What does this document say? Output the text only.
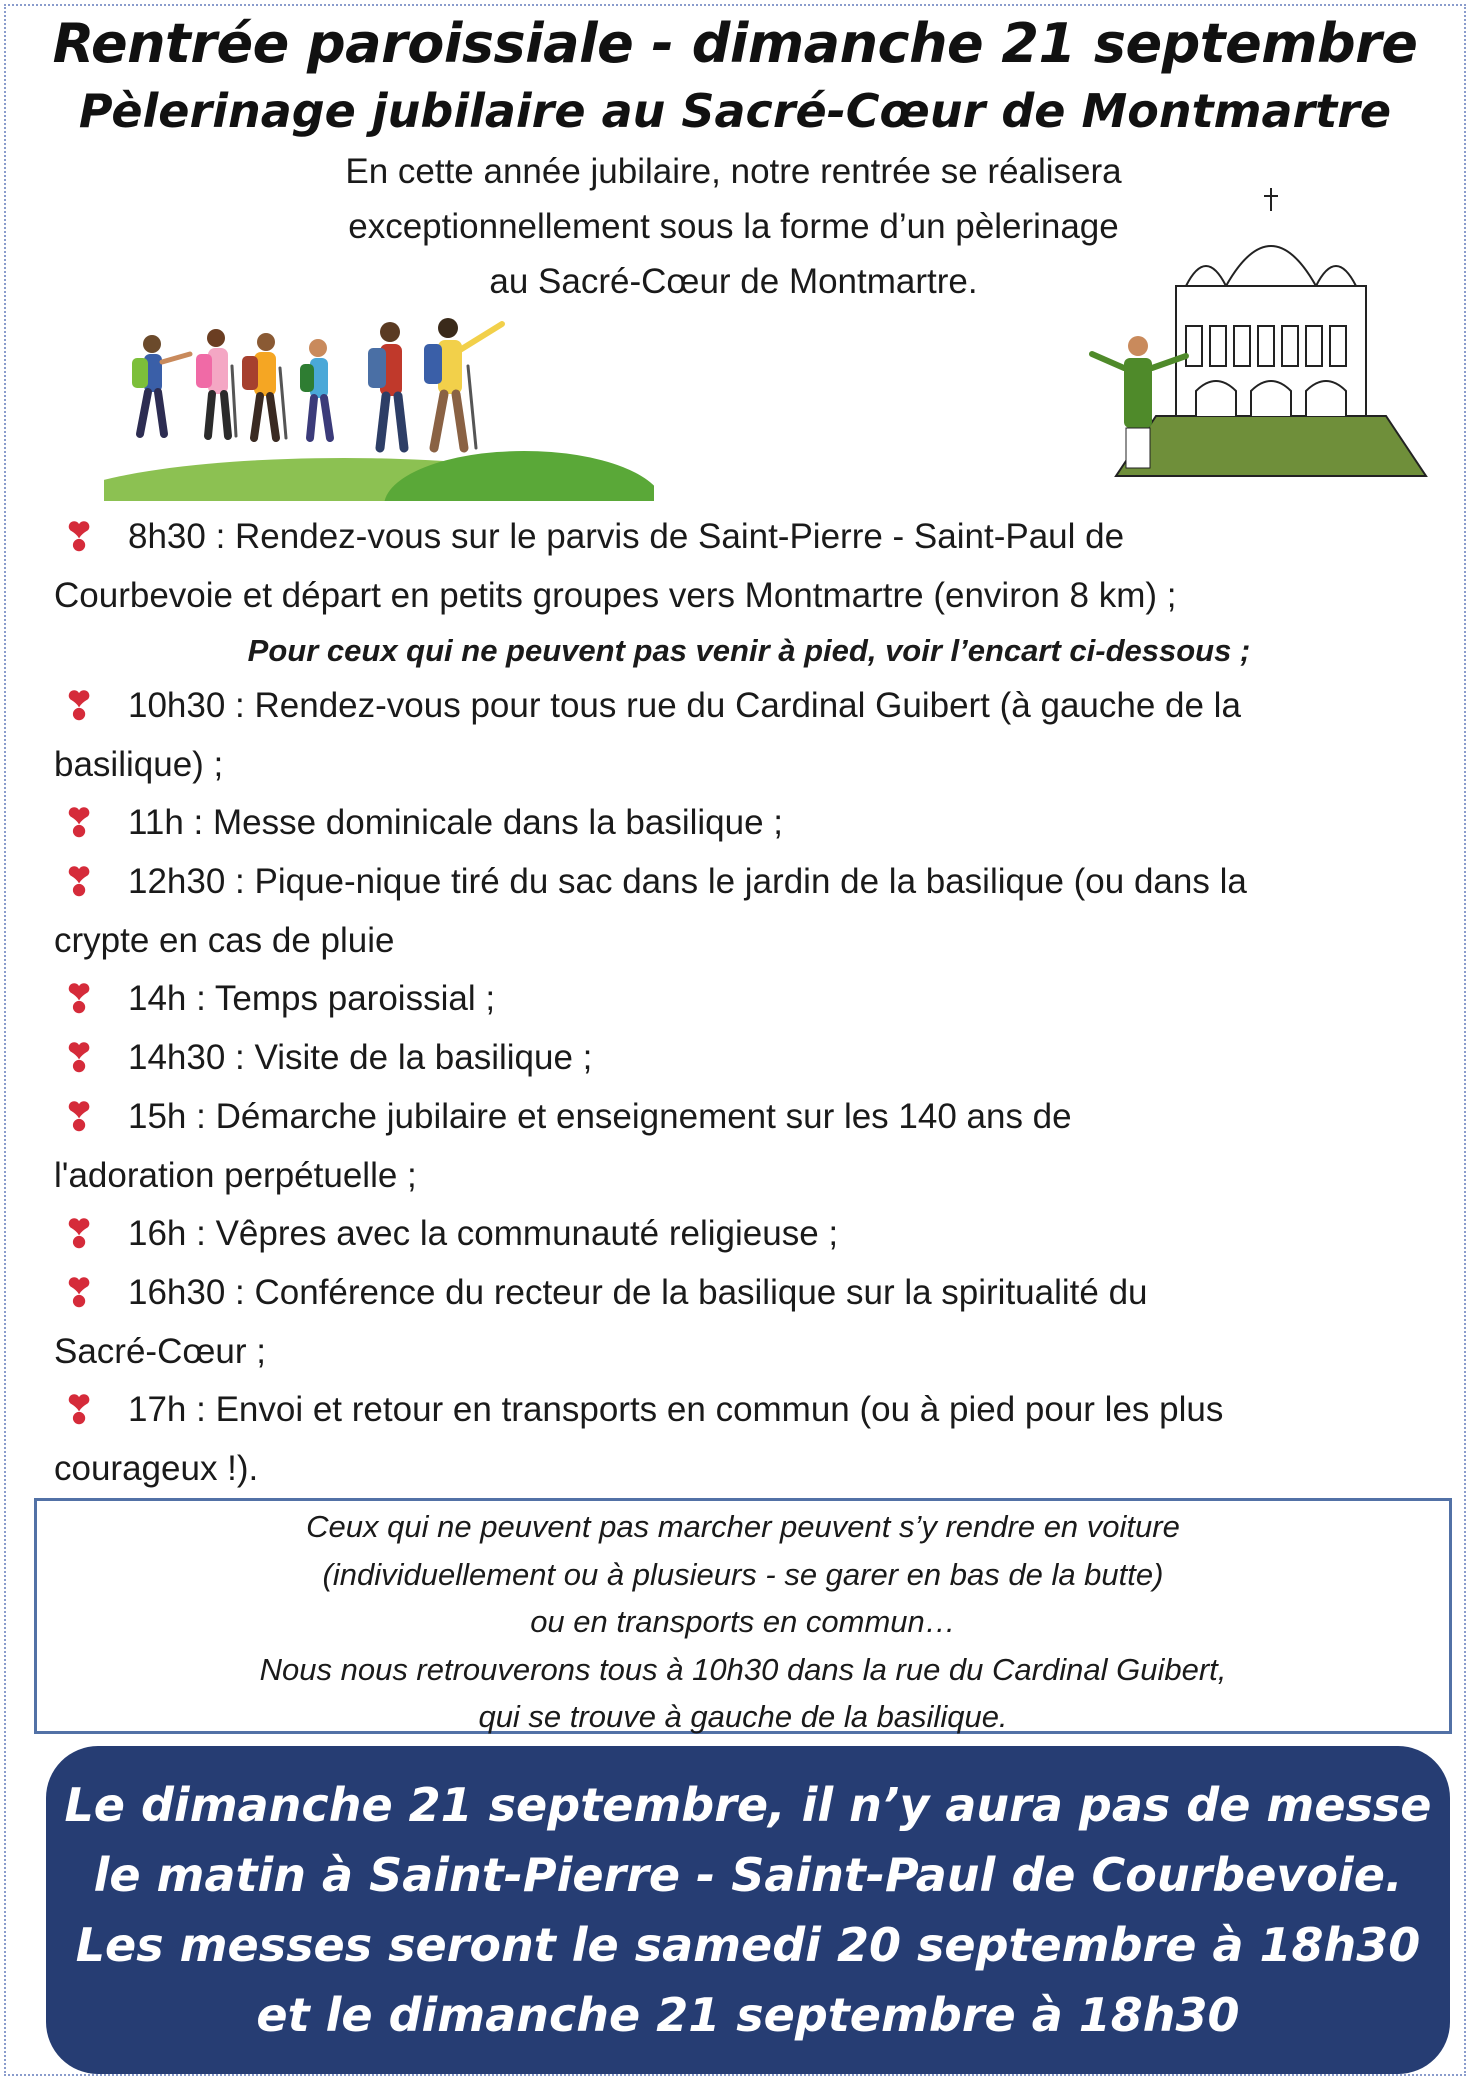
Rentrée paroissiale - dimanche 21 septembre
Pèlerinage jubilaire au Sacré-Cœur de Montmartre
En cette année jubilaire, notre rentrée se réalisera
exceptionnellement sous la forme d’un pèlerinage
au Sacré-Cœur de Montmartre.
❣ 8h30 : Rendez-vous sur le parvis de Saint-Pierre - Saint-Paul de
Courbevoie et départ en petits groupes vers Montmartre (environ 8 km) ;
Pour ceux qui ne peuvent pas venir à pied, voir l’encart ci-dessous ;
❣ 10h30 : Rendez-vous pour tous rue du Cardinal Guibert (à gauche de la
basilique) ;
❣ 11h : Messe dominicale dans la basilique ;
❣ 12h30 : Pique-nique tiré du sac dans le jardin de la basilique (ou dans la
crypte en cas de pluie
❣ 14h : Temps paroissial ;
❣ 14h30 : Visite de la basilique ;
❣ 15h : Démarche jubilaire et enseignement sur les 140 ans de
l'adoration perpétuelle ;
❣ 16h : Vêpres avec la communauté religieuse ;
❣ 16h30 : Conférence du recteur de la basilique sur la spiritualité du
Sacré-Cœur ;
❣ 17h : Envoi et retour en transports en commun (ou à pied pour les plus
courageux !).
Ceux qui ne peuvent pas marcher peuvent s’y rendre en voiture
(individuellement ou à plusieurs - se garer en bas de la butte)
ou en transports en commun…
Nous nous retrouverons tous à 10h30 dans la rue du Cardinal Guibert,
qui se trouve à gauche de la basilique.
Le dimanche 21 septembre, il n’y aura pas de messe
le matin à Saint-Pierre - Saint-Paul de Courbevoie.
Les messes seront le samedi 20 septembre à 18h30
et le dimanche 21 septembre à 18h30
